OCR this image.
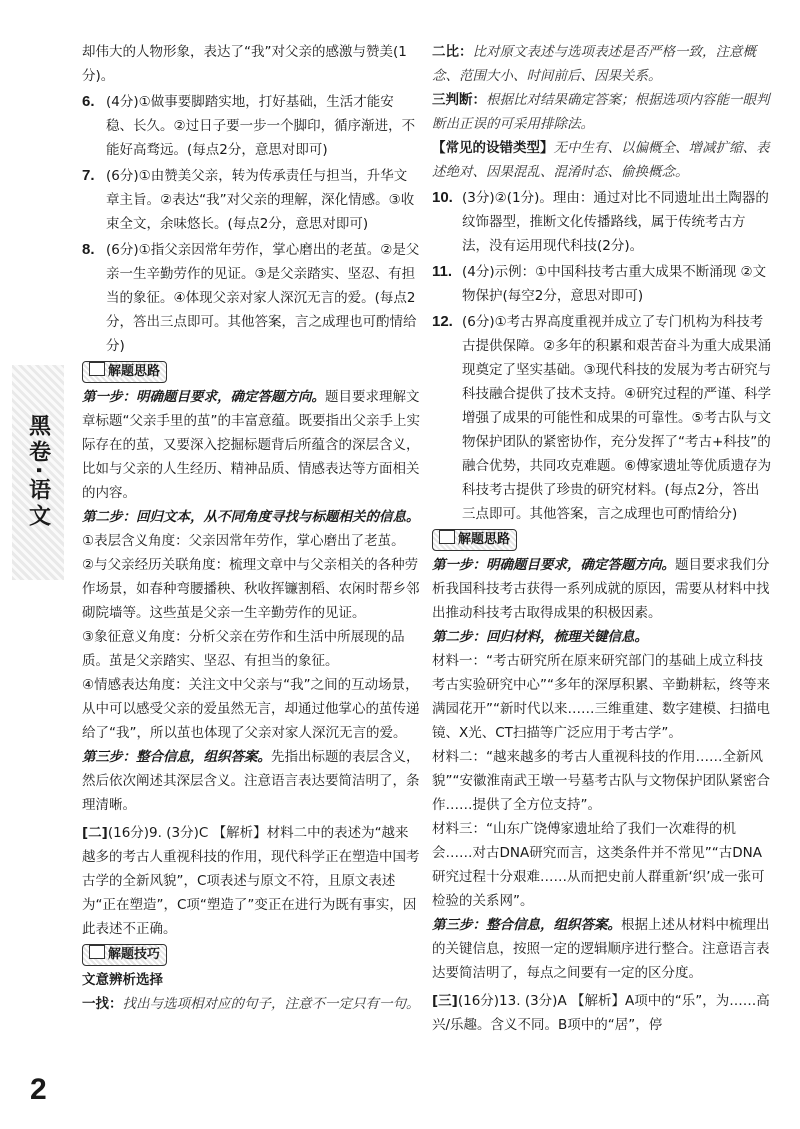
黑卷·语文

却伟大的人物形象，表达了“我”对父亲的感激与赞美(1分)。

6. (4分)①做事要脚踏实地，打好基础，生活才能安稳、长久。②过日子要一步一个脚印，循序渐进，不能好高骛远。(每点2分，意思对即可)
7. (6分)①由赞美父亲，转为传承责任与担当，升华文章主旨。②表达“我”对父亲的理解，深化情感。③收束全文，余味悠长。(每点2分，意思对即可)
8. (6分)①指父亲因常年劳作，掌心磨出的老茧。②是父亲一生辛勤劳作的见证。③是父亲踏实、坚忍、有担当的象征。④体现父亲对家人深沉无言的爱。(每点2分，答出三点即可。其他答案，言之成理也可酌情给分)
解题思路

第一步：明确题目要求，确定答题方向。题目要求理解文章标题“父亲手里的茧”的丰富意蕴。既要指出父亲手上实际存在的茧，又要深入挖掘标题背后所蕴含的深层含义，比如与父亲的人生经历、精神品质、情感表达等方面相关的内容。

第二步：回归文本，从不同角度寻找与标题相关的信息。

①表层含义角度：父亲因常年劳作，掌心磨出了老茧。

②与父亲经历关联角度：梳理文章中与父亲相关的各种劳作场景，如春种弯腰播秧、秋收挥镰割稻、农闲时帮乡邻砌院墙等。这些茧是父亲一生辛勤劳作的见证。

③象征意义角度：分析父亲在劳作和生活中所展现的品质。茧是父亲踏实、坚忍、有担当的象征。

④情感表达角度：关注文中父亲与“我”之间的互动场景，从中可以感受父亲的爱虽然无言，却通过他掌心的茧传递给了“我”，所以茧也体现了父亲对家人深沉无言的爱。

第三步：整合信息，组织答案。先指出标题的表层含义，然后依次阐述其深层含义。注意语言表达要简洁明了，条理清晰。

[二](16分)9. (3分)C 【解析】材料二中的表述为“越来越多的考古人重视科技的作用，现代科学正在塑造中国考古学的全新风貌”，C项表述与原文不符，且原文表述为“正在塑造”，C项“塑造了”变正在进行为既有事实，因此表述不正确。

解题技巧

文意辨析选择

一找：找出与选项相对应的句子，注意不一定只有一句。

二比：比对原文表述与选项表述是否严格一致，注意概念、范围大小、时间前后、因果关系。

三判断：根据比对结果确定答案；根据选项内容能一眼判断出正误的可采用排除法。

【常见的设错类型】无中生有、以偏概全、增减扩缩、表述绝对、因果混乱、混淆时态、偷换概念。

10. (3分)②(1分)。理由：通过对比不同遗址出土陶器的纹饰器型，推断文化传播路线，属于传统考古方法，没有运用现代科技(2分)。
11. (4分)示例：①中国科技考古重大成果不断涌现 ②文物保护(每空2分，意思对即可)
12. (6分)①考古界高度重视并成立了专门机构为科技考古提供保障。②多年的积累和艰苦奋斗为重大成果涌现奠定了坚实基础。③现代科技的发展为考古研究与科技融合提供了技术支持。④研究过程的严谨、科学增强了成果的可能性和成果的可靠性。⑤考古队与文物保护团队的紧密协作，充分发挥了“考古+科技”的融合优势，共同攻克难题。⑥傅家遗址等优质遗存为科技考古提供了珍贵的研究材料。(每点2分，答出三点即可。其他答案，言之成理也可酌情给分)
解题思路

第一步：明确题目要求，确定答题方向。题目要求我们分析我国科技考古获得一系列成就的原因，需要从材料中找出推动科技考古取得成果的积极因素。

第二步：回归材料，梳理关键信息。

材料一：“考古研究所在原来研究部门的基础上成立科技考古实验研究中心”“多年的深厚积累、辛勤耕耘，终等来满园花开”“新时代以来……三维重建、数字建模、扫描电镜、X光、CT扫描等广泛应用于考古学”。

材料二：“越来越多的考古人重视科技的作用……全新风貌”“安徽淮南武王墩一号墓考古队与文物保护团队紧密合作……提供了全方位支持”。

材料三：“山东广饶傅家遗址给了我们一次难得的机会……对古DNA研究而言，这类条件并不常见”“古DNA研究过程十分艰难……从而把史前人群重新‘织’成一张可检验的关系网”。

第三步：整合信息，组织答案。根据上述从材料中梳理出的关键信息，按照一定的逻辑顺序进行整合。注意语言表达要简洁明了，每点之间要有一定的区分度。

[三](16分)13. (3分)A 【解析】A项中的“乐”，为……高兴/乐趣。含义不同。B项中的“居”，停

2
